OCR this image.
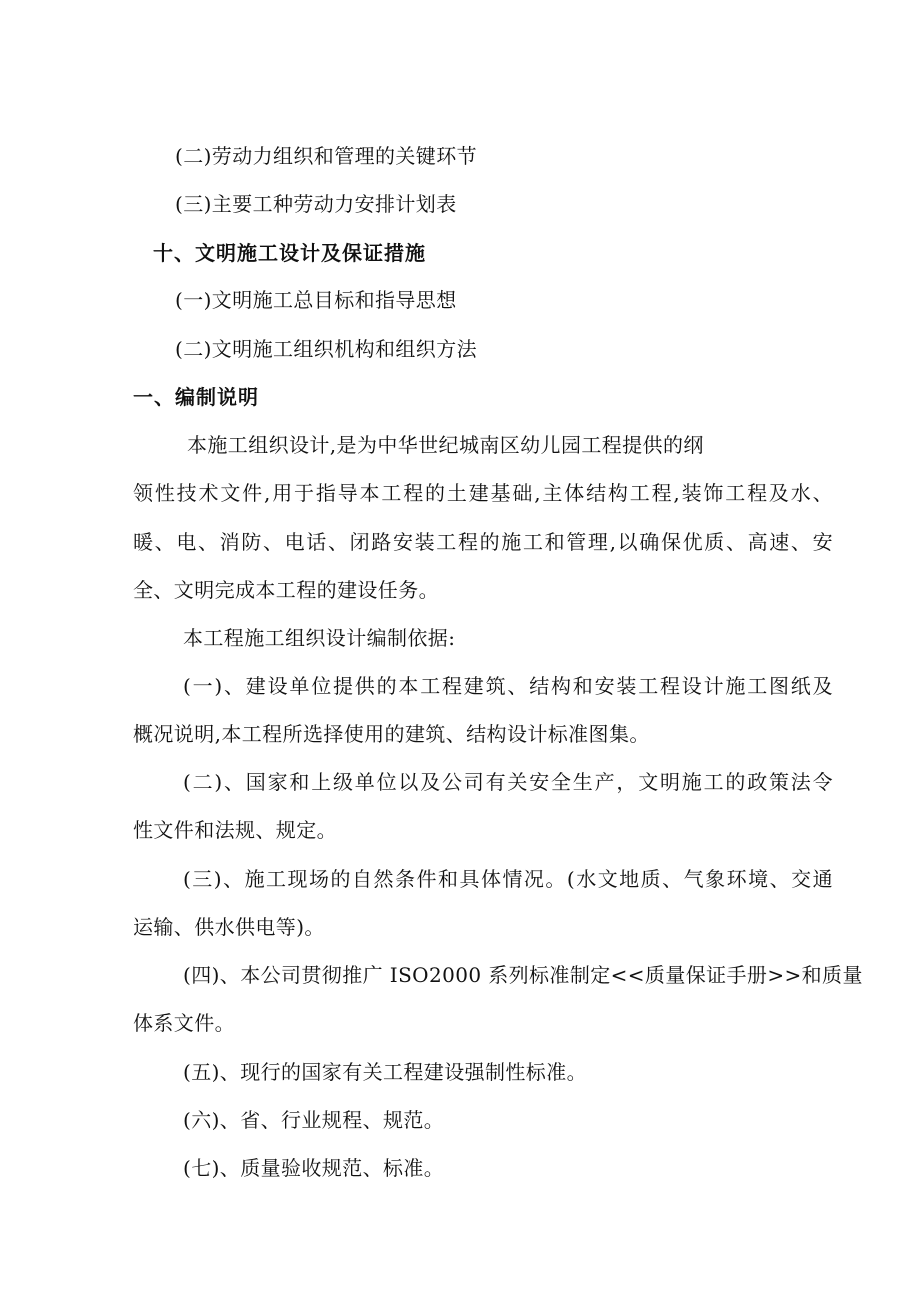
(二)劳动力组织和管理的关键环节
(三)主要工种劳动力安排计划表
十、文明施工设计及保证措施
(一)文明施工总目标和指导思想
(二)文明施工组织机构和组织方法
一、编制说明
本施工组织设计,是为中华世纪城南区幼儿园工程提供的纲
领性技术文件,用于指导本工程的土建基础,主体结构工程,装饰工程及水、
暖、电、消防、电话、闭路安装工程的施工和管理,以确保优质、高速、安
全、文明完成本工程的建设任务。
本工程施工组织设计编制依据:
(一)、建设单位提供的本工程建筑、结构和安装工程设计施工图纸及
概况说明,本工程所选择使用的建筑、结构设计标准图集。
(二)、国家和上级单位以及公司有关安全生产，文明施工的政策法令
性文件和法规、规定。
(三)、施工现场的自然条件和具体情况。(水文地质、气象环境、交通
运输、供水供电等)。
(四)、本公司贯彻推广 ISO2000 系列标准制定<<质量保证手册>>和质量
体系文件。
(五)、现行的国家有关工程建设强制性标准。
(六)、省、行业规程、规范。
(七)、质量验收规范、标准。
